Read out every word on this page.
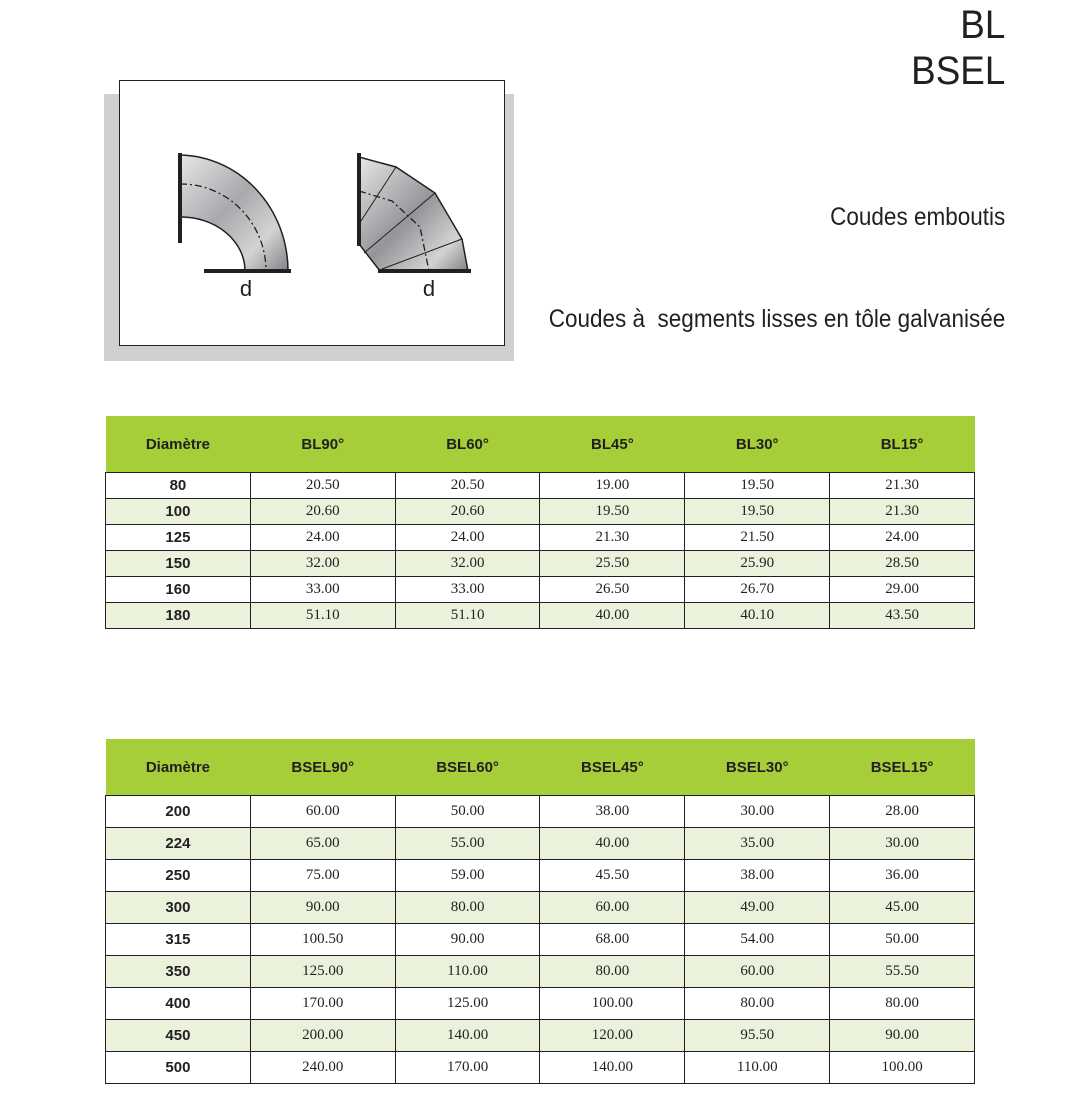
BL
BSEL

Coudes emboutis

Coudes à  segments lisses en tôle galvanisée

d	d
Diamètre	BL90°	BL60°	BL45°	BL30°	BL15°
80	20.50	20.50	19.00	19.50	21.30
100	20.60	20.60	19.50	19.50	21.30
125	24.00	24.00	21.30	21.50	24.00
150	32.00	32.00	25.50	25.90	28.50
160	33.00	33.00	26.50	26.70	29.00
180	51.10	51.10	40.00	40.10	43.50
Diamètre	BSEL90°	BSEL60°	BSEL45°	BSEL30°	BSEL15°
200	60.00	50.00	38.00	30.00	28.00
224	65.00	55.00	40.00	35.00	30.00
250	75.00	59.00	45.50	38.00	36.00
300	90.00	80.00	60.00	49.00	45.00
315	100.50	90.00	68.00	54.00	50.00
350	125.00	110.00	80.00	60.00	55.50
400	170.00	125.00	100.00	80.00	80.00
450	200.00	140.00	120.00	95.50	90.00
500	240.00	170.00	140.00	110.00	100.00
